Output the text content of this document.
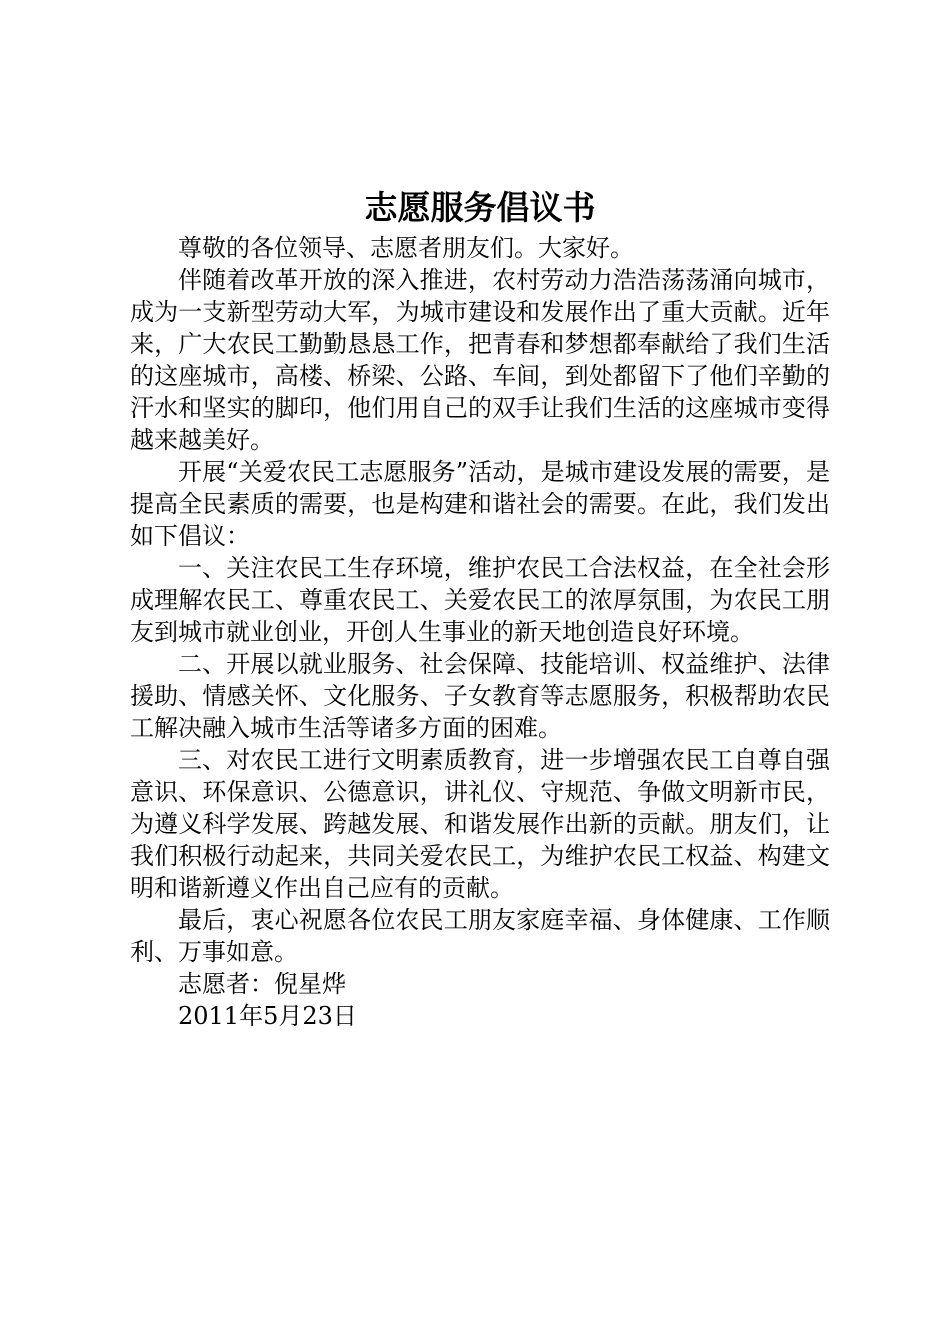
志愿服务倡议书

尊敬的各位领导、志愿者朋友们。大家好。

伴随着改革开放的深入推进，农村劳动力浩浩荡荡涌向城市，成为一支新型劳动大军，为城市建设和发展作出了重大贡献。近年来，广大农民工勤勤恳恳工作，把青春和梦想都奉献给了我们生活的这座城市，高楼、桥梁、公路、车间，到处都留下了他们辛勤的汗水和坚实的脚印，他们用自己的双手让我们生活的这座城市变得越来越美好。

开展“关爱农民工志愿服务”活动，是城市建设发展的需要，是提高全民素质的需要，也是构建和谐社会的需要。在此，我们发出如下倡议：

一、关注农民工生存环境，维护农民工合法权益，在全社会形成理解农民工、尊重农民工、关爱农民工的浓厚氛围，为农民工朋友到城市就业创业，开创人生事业的新天地创造良好环境。

二、开展以就业服务、社会保障、技能培训、权益维护、法律援助、情感关怀、文化服务、子女教育等志愿服务，积极帮助农民工解决融入城市生活等诸多方面的困难。

三、对农民工进行文明素质教育，进一步增强农民工自尊自强意识、环保意识、公德意识，讲礼仪、守规范、争做文明新市民，为遵义科学发展、跨越发展、和谐发展作出新的贡献。朋友们，让我们积极行动起来，共同关爱农民工，为维护农民工权益、构建文明和谐新遵义作出自己应有的贡献。

最后，衷心祝愿各位农民工朋友家庭幸福、身体健康、工作顺利、万事如意。

志愿者：倪星烨

2011年5月23日
